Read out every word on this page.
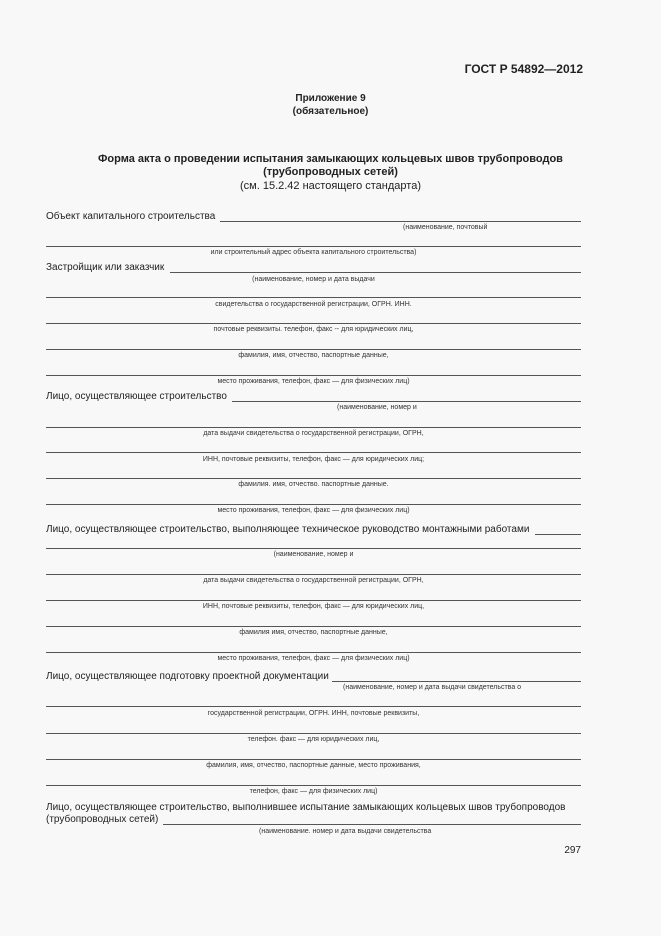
ГОСТ Р 54892—2012
Приложение 9
(обязательное)
Форма акта о проведении испытания замыкающих кольцевых швов трубопроводов
(трубопроводных сетей)
(см. 15.2.42 настоящего стандарта)
Объект капитального строительства
(наименование, почтовый
или строительный адрес объекта капитального строительства)
Застройщик или заказчик
(наименование, номер и дата выдачи
свидетельства о государственной регистрации, ОГРН. ИНН.
почтовые реквизиты. телефон, факс -- для юридических лиц,
фамилия, имя, отчество, паспортные данные,
место проживания, телефон, факс — для физических лиц)
Лицо, осуществляющее строительство
(наименование, номер и
дата выдачи свидетельства о государственной регистрации, ОГРН,
ИНН, почтовые реквизиты, телефон, факс — для юридических лиц;
фамилия. имя, отчество. паспортные данные.
место проживания, телефон, факс — для физических лиц)
Лицо, осуществляющее строительство, выполняющее техническое руководство монтажными работами
(наименование, номер и
дата выдачи свидетельства о государственной регистрации, ОГРН,
ИНН, почтовые реквизиты, телефон, факс — для юридических лиц,
фамилия имя, отчество, паспортные данные,
место проживания, телефон, факс — для физических лиц)
Лицо, осуществляющее подготовку проектной документации
(наименование, номер и дата выдачи свидетельства о
государственной регистрации, ОГРН. ИНН, почтовые реквизиты,
телефон. факс — для юридических лиц,
фамилия, имя, отчество, паспортные данные, место проживания,
телефон, факс — для физических лиц)
Лицо, осуществляющее строительство, выполнившее испытание замыкающих кольцевых швов трубопроводов
(трубопроводных сетей)
(наименование. номер и дата выдачи свидетельства
297
